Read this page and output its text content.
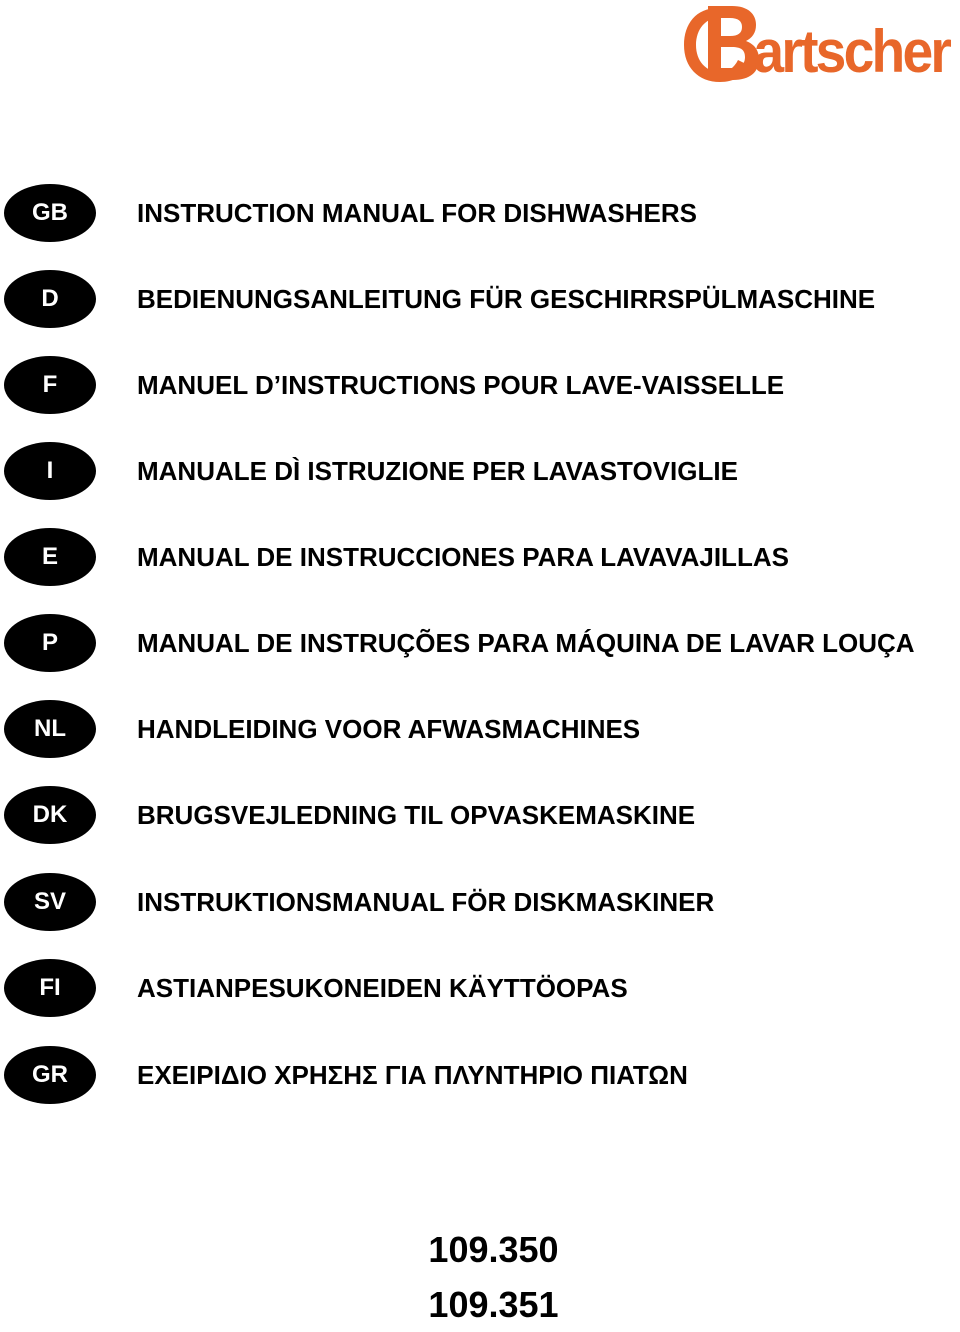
artscher
GB	INSTRUCTION MANUAL FOR DISHWASHERS
D	BEDIENUNGSANLEITUNG FÜR GESCHIRRSPÜLMASCHINE
F	MANUEL D’INSTRUCTIONS POUR LAVE-VAISSELLE
I	MANUALE DÌ ISTRUZIONE PER LAVASTOVIGLIE
E	MANUAL DE INSTRUCCIONES PARA LAVAVAJILLAS
P	MANUAL DE INSTRUÇÕES PARA MÁQUINA DE LAVAR LOUÇA
NL	HANDLEIDING VOOR AFWASMACHINES
DK	BRUGSVEJLEDNING TIL OPVASKEMASKINE
SV	INSTRUKTIONSMANUAL FÖR DISKMASKINER
FI	ASTIANPESUKONEIDEN KÄYTTÖOPAS
GR	ΕΧΕΙΡΙΔΙΟ ΧΡΗΣΗΣ ΓΙΑ ΠΛΥΝΤΗΡΙΟ ΠΙΑΤΩΝ
109.350
109.351
